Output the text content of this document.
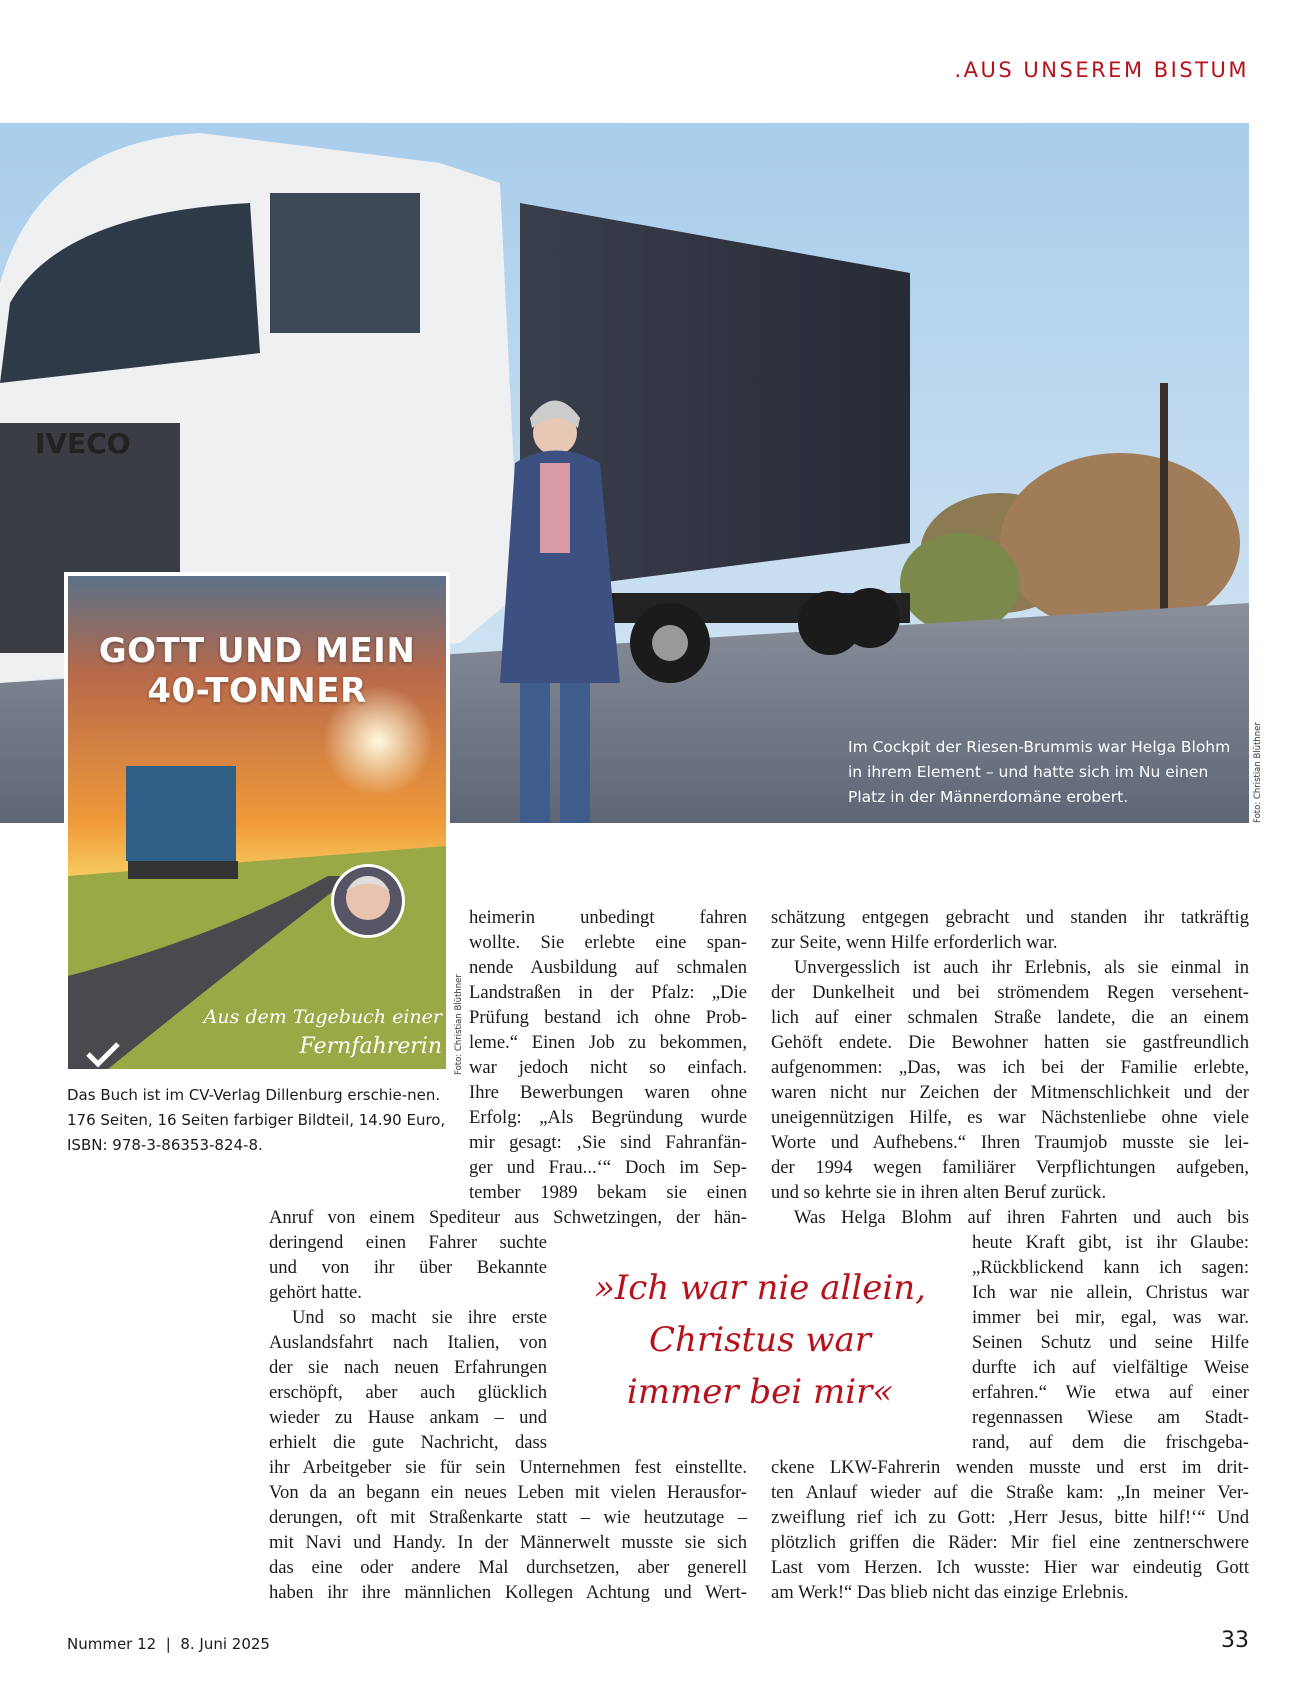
.AUS UNSEREM BISTUM
IVECO
Im Cockpit der Riesen-Brummis war Helga Blohm in ihrem Element – und hatte sich im Nu einen Platz in der Männerdomäne erobert.	Foto: Christian Blüthner
GOTT UND MEIN
40-TONNER
Aus dem Tagebuch einer
Fernfahrerin Foto: Christian Blüthner
Das Buch ist im CV-Verlag Dillenburg erschie-nen. 176 Seiten, 16 Seiten farbiger Bildteil, 14.90 Euro, ISBN: 978-3-86353-824-8.
heimerin unbedingt fahren
wollte. Sie erlebte eine span-
nende Ausbildung auf schmalen
Landstraßen in der Pfalz: „Die
Prüfung bestand ich ohne Prob-
leme.“ Einen Job zu bekommen,
war jedoch nicht so einfach.
Ihre Bewerbungen waren ohne
Erfolg: „Als Begründung wurde
mir gesagt: ‚Sie sind Fahranfän-
ger und Frau...‘“ Doch im Sep-
tember 1989 bekam sie einen
Anruf von einem Spediteur aus Schwetzingen, der hän-
deringend einen Fahrer suchte
und von ihr über Bekannte
gehört hatte.
Und so macht sie ihre erste
Auslandsfahrt nach Italien, von
der sie nach neuen Erfahrungen
erschöpft, aber auch glücklich
wieder zu Hause ankam – und
erhielt die gute Nachricht, dass
ihr Arbeitgeber sie für sein Unternehmen fest einstellte.
Von da an begann ein neues Leben mit vielen Herausfor-
derungen, oft mit Straßenkarte statt – wie heutzutage –
mit Navi und Handy. In der Männerwelt musste sie sich
das eine oder andere Mal durchsetzen, aber generell
haben ihr ihre männlichen Kollegen Achtung und Wert-
schätzung entgegen gebracht und standen ihr tatkräftig
zur Seite, wenn Hilfe erforderlich war.
Unvergesslich ist auch ihr Erlebnis, als sie einmal in
der Dunkelheit und bei strömendem Regen versehent-
lich auf einer schmalen Straße landete, die an einem
Gehöft endete. Die Bewohner hatten sie gastfreundlich
aufgenommen: „Das, was ich bei der Familie erlebte,
waren nicht nur Zeichen der Mitmenschlichkeit und der
uneigennützigen Hilfe, es war Nächstenliebe ohne viele
Worte und Aufhebens.“ Ihren Traumjob musste sie lei-
der 1994 wegen familiärer Verpflichtungen aufgeben,
und so kehrte sie in ihren alten Beruf zurück.
Was Helga Blohm auf ihren Fahrten und auch bis
heute Kraft gibt, ist ihr Glaube:
„Rückblickend kann ich sagen:
Ich war nie allein, Christus war
immer bei mir, egal, was war.
Seinen Schutz und seine Hilfe
durfte ich auf vielfältige Weise
erfahren.“ Wie etwa auf einer
regennassen Wiese am Stadt-
rand, auf dem die frischgeba-
ckene LKW-Fahrerin wenden musste und erst im drit-
ten Anlauf wieder auf die Straße kam: „In meiner Ver-
zweiflung rief ich zu Gott: ‚Herr Jesus, bitte hilf!‘“ Und
plötzlich griffen die Räder: Mir fiel eine zentnerschwere
Last vom Herzen. Ich wusste: Hier war eindeutig Gott
am Werk!“ Das blieb nicht das einzige Erlebnis.
»Ich war nie allein,
Christus war
immer bei mir«
Nummer 12  |  8. Juni 2025	33
